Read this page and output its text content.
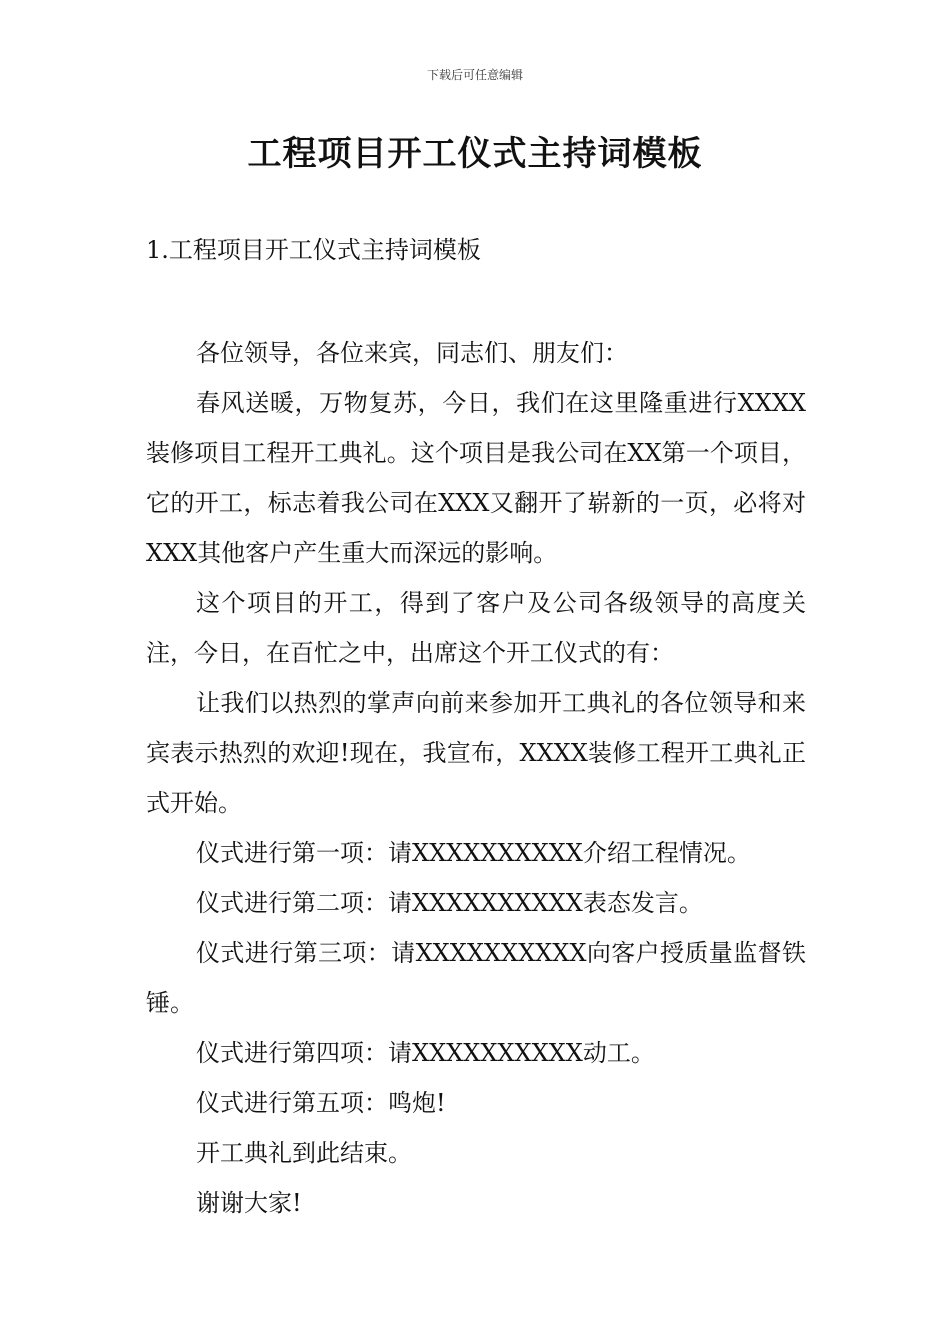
下载后可任意编辑
工程项目开工仪式主持词模板
1.工程项目开工仪式主持词模板

各位领导，各位来宾，同志们、朋友们：

春风送暖，万物复苏，今日，我们在这里隆重进行XXXX装修项目工程开工典礼。这个项目是我公司在XX第一个项目，它的开工，标志着我公司在XXX又翻开了崭新的一页，必将对XXX其他客户产生重大而深远的影响。

这个项目的开工，得到了客户及公司各级领导的高度关注，今日，在百忙之中，出席这个开工仪式的有：

让我们以热烈的掌声向前来参加开工典礼的各位领导和来宾表示热烈的欢迎!现在，我宣布，XXXX装修工程开工典礼正式开始。

仪式进行第一项：请XXXXXXXXXX介绍工程情况。

仪式进行第二项：请XXXXXXXXXX表态发言。

仪式进行第三项：请XXXXXXXXXX向客户授质量监督铁锤。

仪式进行第四项：请XXXXXXXXXX动工。

仪式进行第五项：鸣炮!

开工典礼到此结束。

谢谢大家!
